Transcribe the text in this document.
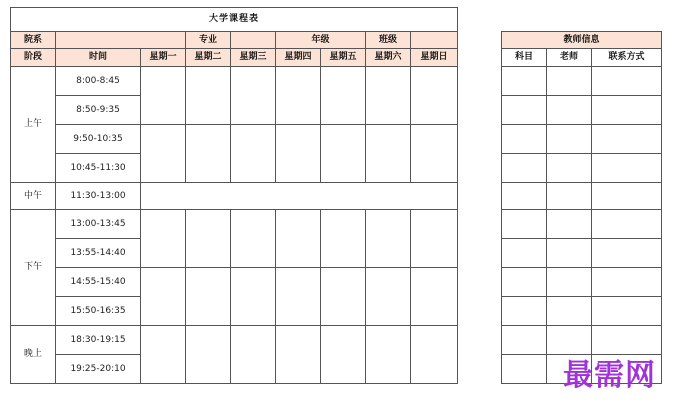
大学课程表								
院系			专业		年级		班级	
阶段	时间	星期一	星期二	星期三	星期四	星期五	星期六	星期日
上午	8:00-8:45							
	8:50-9:35							
	9:50-10:35							
	10:45-11:30							
中午	11:30-13:00							
下午	13:00-13:45							
	13:55-14:40							
	14:55-15:40							
	15:50-16:35							
晚上	18:30-19:15							
	19:25-20:10							
教师信息		
科目	老师	联系方式

最需网
